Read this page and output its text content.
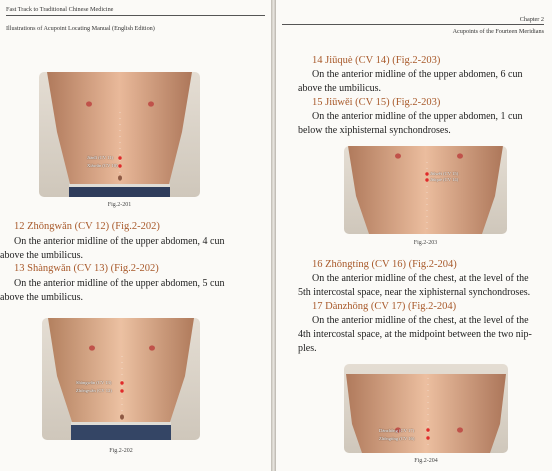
Fast Track to Traditional Chinese Medicine
Illustrations of Acupoint Locating Manual (English Edition)
Jiànlǐ (CV 11)
Xiàwǎn (CV 10)
Fig.2-201
12 Zhōngwǎn (CV 12) (Fig.2-202)
On the anterior midline of the upper abdomen, 4 cun
above the umbilicus.
13 Shàngwǎn (CV 13) (Fig.2-202)
On the anterior midline of the upper abdomen, 5 cun
above the umbilicus.
Shàngwǎn (CV 13)
Zhōngwǎn (CV 12)
Fig.2-202
Chapter 2
Acupoints of the Fourteen Meridians
14 Jiūquè (CV 14) (Fig.2-203)
On the anterior midline of the upper abdomen, 6 cun
above the umbilicus.
15 Jiūwěi (CV 15) (Fig.2-203)
On the anterior midline of the upper abdomen, 1 cun
below the xiphisternal synchondroses.
Jiūwěi (CV 15)
Jiūquè (CV 14)
Fig.2-203
16 Zhōngtíng (CV 16) (Fig.2-204)
On the anterior midline of the chest, at the level of the
5th intercostal space, near the xiphisternal synchondroses.
17 Dànzhōng (CV 17) (Fig.2-204)
On the anterior midline of the chest, at the level of the
4th intercostal space, at the midpoint between the two nip-
ples.
Dànzhōng (CV 17)
Zhōngtíng (CV 16)
Fig.2-204
